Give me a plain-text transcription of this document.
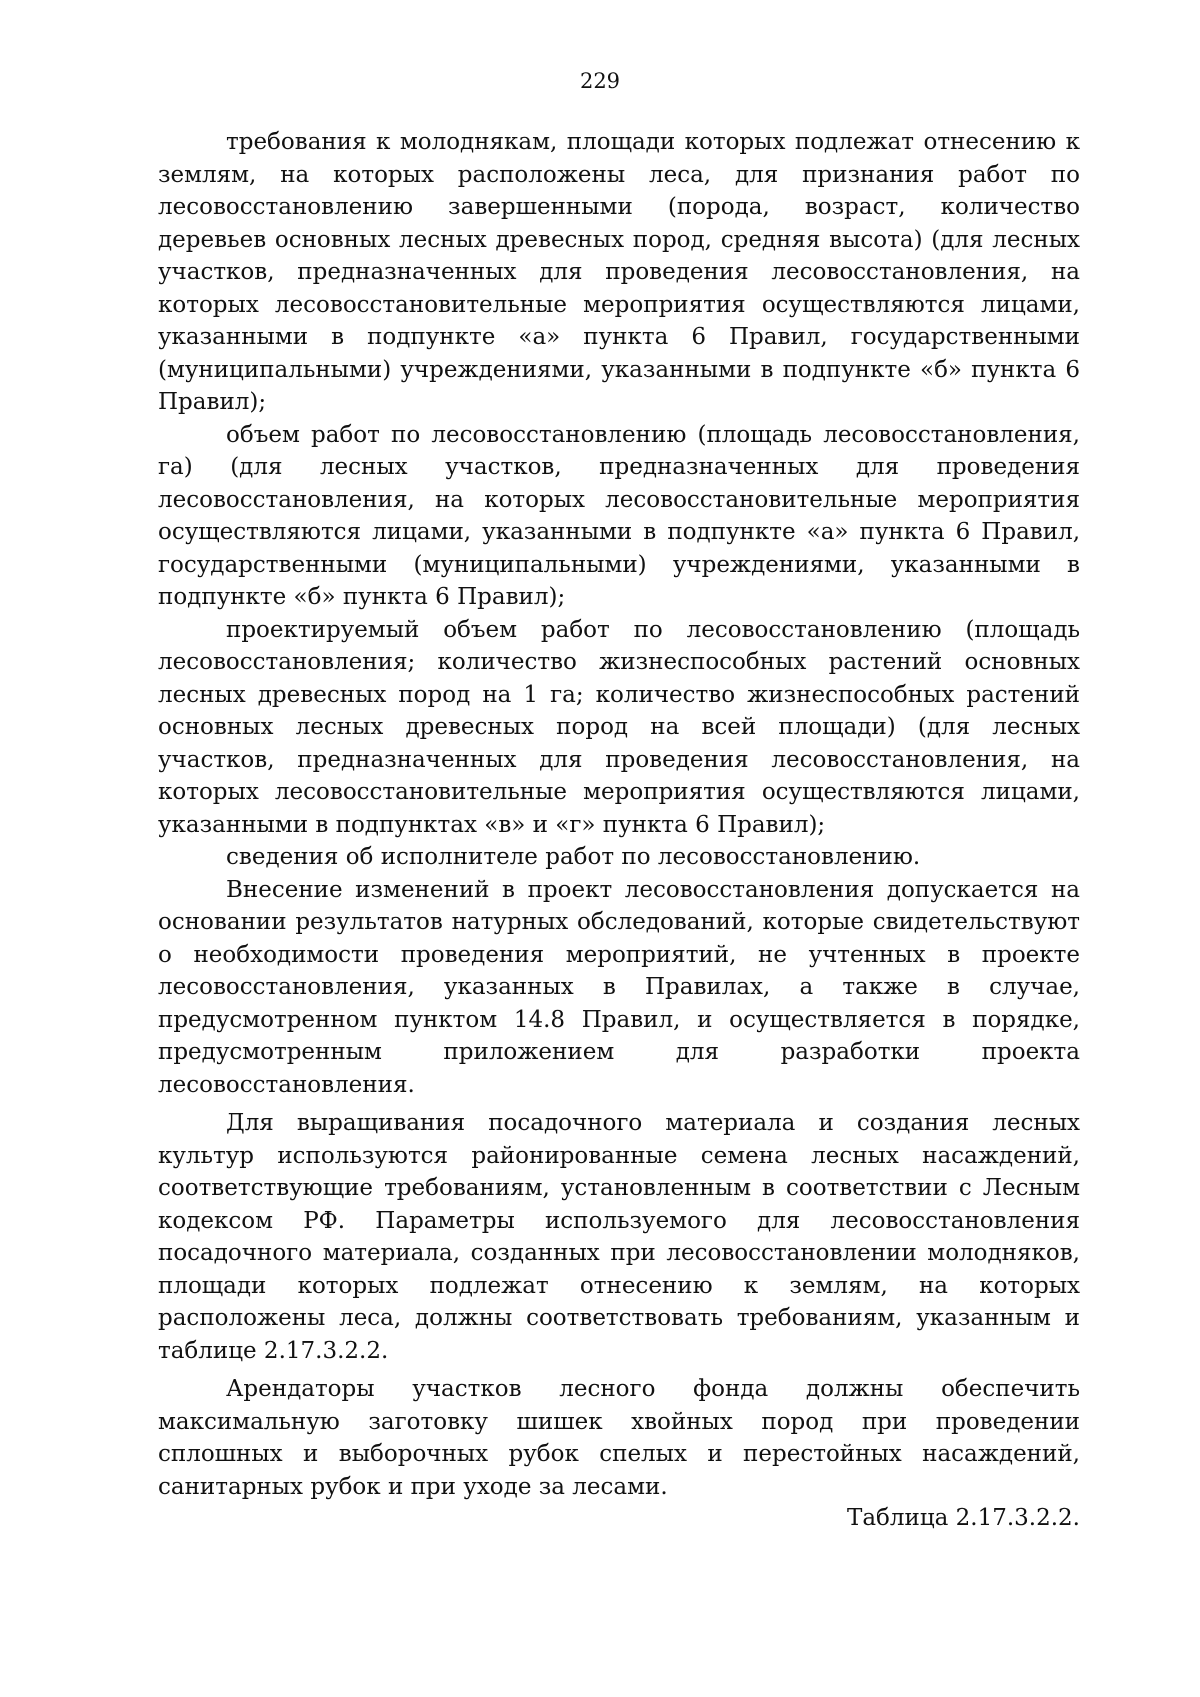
229

требования к молоднякам, площади которых подлежат отнесению к землям, на которых расположены леса, для признания работ по лесовосстановлению завершенными (порода, возраст, количество деревьев основных лесных древесных пород, средняя высота) (для лесных участков, предназначенных для проведения лесовосстановления, на которых лесовосстановительные мероприятия осуществляются лицами, указанными в подпункте «а» пункта 6 Правил, государственными (муниципальными) учреждениями, указанными в подпункте «б» пункта 6 Правил);

объем работ по лесовосстановлению (площадь лесовосстановления, га) (для лесных участков, предназначенных для проведения лесовосстановления, на которых лесовосстановительные мероприятия осуществляются лицами, указанными в подпункте «а» пункта 6 Правил, государственными (муниципальными) учреждениями, указанными в подпункте «б» пункта 6 Правил);

проектируемый объем работ по лесовосстановлению (площадь лесовосстановления; количество жизнеспособных растений основных лесных древесных пород на 1 га; количество жизнеспособных растений основных лесных древесных пород на всей площади) (для лесных участков, предназначенных для проведения лесовосстановления, на которых лесовосстановительные мероприятия осуществляются лицами, указанными в подпунктах «в» и «г» пункта 6 Правил);

сведения об исполнителе работ по лесовосстановлению.

Внесение изменений в проект лесовосстановления допускается на основании результатов натурных обследований, которые свидетельствуют о необходимости проведения мероприятий, не учтенных в проекте лесовосстановления, указанных в Правилах, а также в случае, предусмотренном пунктом 14.8 Правил, и осуществляется в порядке, предусмотренным приложением для разработки проекта лесовосстановления.

Для выращивания посадочного материала и создания лесных культур используются районированные семена лесных насаждений, соответствующие требованиям, установленным в соответствии с Лесным кодексом РФ. Параметры используемого для лесовосстановления посадочного материала, созданных при лесовосстановлении молодняков, площади которых подлежат отнесению к землям, на которых расположены леса, должны соответствовать требованиям, указанным и таблице 2.17.3.2.2.

Арендаторы участков лесного фонда должны обеспечить максимальную заготовку шишек хвойных пород при проведении сплошных и выборочных рубок спелых и перестойных насаждений, санитарных рубок и при уходе за лесами.

Таблица 2.17.3.2.2.
